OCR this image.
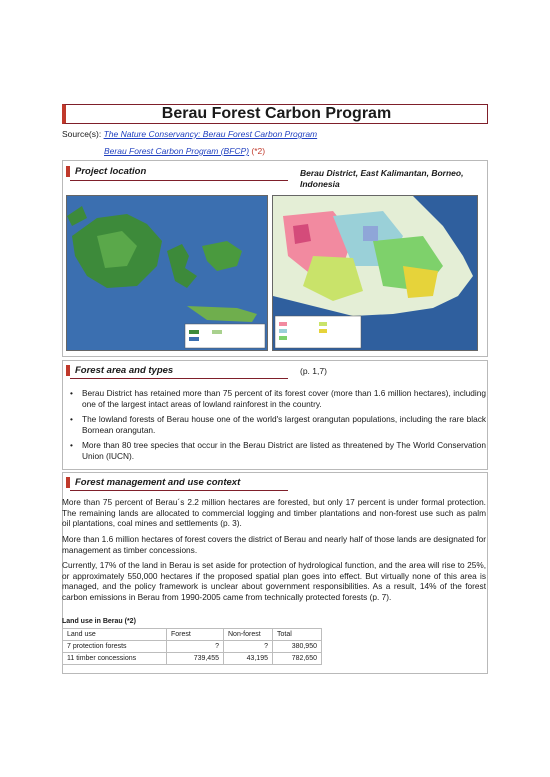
Berau Forest Carbon Program
Source(s): The Nature Conservancy: Berau Forest Carbon Program
Berau Forest Carbon Program (BFCP) (*2)
Project location	Berau District, East Kalimantan, Borneo, Indonesia
Forest area and types	(p. 1,7)
• Berau District has retained more than 75 percent of its forest cover (more than 1.6 million hectares), including one of the largest intact areas of lowland rainforest in the country.
• The lowland forests of Berau house one of the world's largest orangutan populations, including the rare black Bornean orangutan.
• More than 80 tree species that occur in the Berau District are listed as threatened by The World Conservation Union (IUCN).
Forest management and use context
More than 75 percent of Berau´s 2.2 million hectares are forested, but only 17 percent is under formal protection. The remaining lands are allocated to commercial logging and timber plantations and non-forest use such as palm oil plantations, coal mines and settlements (p. 3).
More than 1.6 million hectares of forest covers the district of Berau and nearly half of those lands are designated for management as timber concessions.
Currently, 17% of the land in Berau is set aside for protection of hydrological function, and the area will rise to 25%, or approximately 550,000 hectares if the proposed spatial plan goes into effect. But virtually none of this area is managed, and the policy framework is unclear about government responsibilities. As a result, 14% of the forest carbon emissions in Berau from 1990-2005 came from technically protected forests (p. 7).
Land use in Berau (*2)
Land use	Forest	Non-forest	Total
7 protection forests	?	?	380,950
11 timber concessions	739,455	43,195	782,650
